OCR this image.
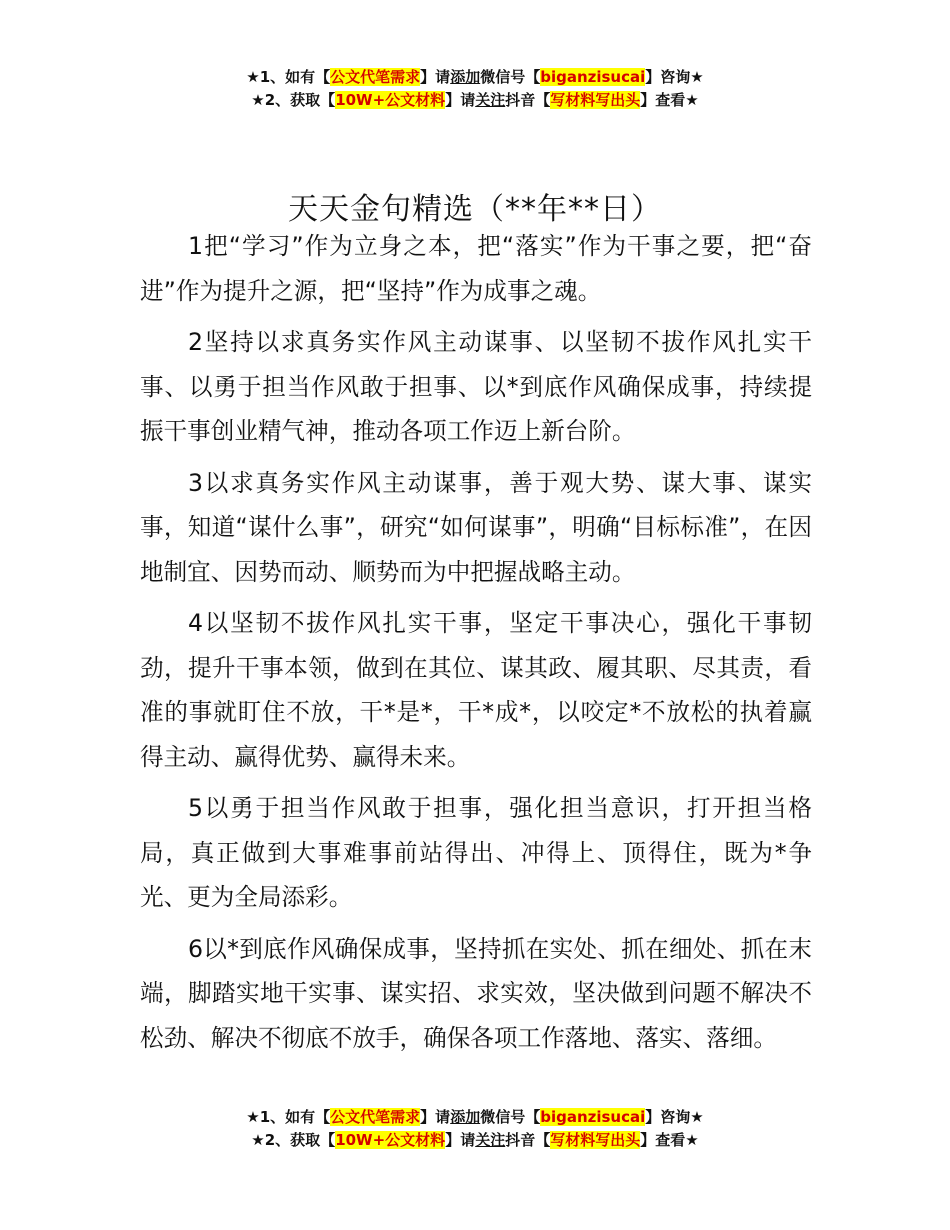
★1、如有【公文代笔需求】请添加微信号【biganzisucai】咨询★
★2、获取【10W+公文材料】请关注抖音【写材料写出头】查看★
天天金句精选（**年**日）

1把“学习”作为立身之本，把“落实”作为干事之要，把“奋进”作为提升之源，把“坚持”作为成事之魂。

2坚持以求真务实作风主动谋事、以坚韧不拔作风扎实干事、以勇于担当作风敢于担事、以*到底作风确保成事，持续提振干事创业精气神，推动各项工作迈上新台阶。

3以求真务实作风主动谋事，善于观大势、谋大事、谋实事，知道“谋什么事”，研究“如何谋事”，明确“目标标准”，在因地制宜、因势而动、顺势而为中把握战略主动。

4以坚韧不拔作风扎实干事，坚定干事决心，强化干事韧劲，提升干事本领，做到在其位、谋其政、履其职、尽其责，看准的事就盯住不放，干*是*，干*成*，以咬定*不放松的执着赢得主动、赢得优势、赢得未来。

5以勇于担当作风敢于担事，强化担当意识，打开担当格局，真正做到大事难事前站得出、冲得上、顶得住，既为*争光、更为全局添彩。

6以*到底作风确保成事，坚持抓在实处、抓在细处、抓在末端，脚踏实地干实事、谋实招、求实效，坚决做到问题不解决不松劲、解决不彻底不放手，确保各项工作落地、落实、落细。

★1、如有【公文代笔需求】请添加微信号【biganzisucai】咨询★
★2、获取【10W+公文材料】请关注抖音【写材料写出头】查看★
